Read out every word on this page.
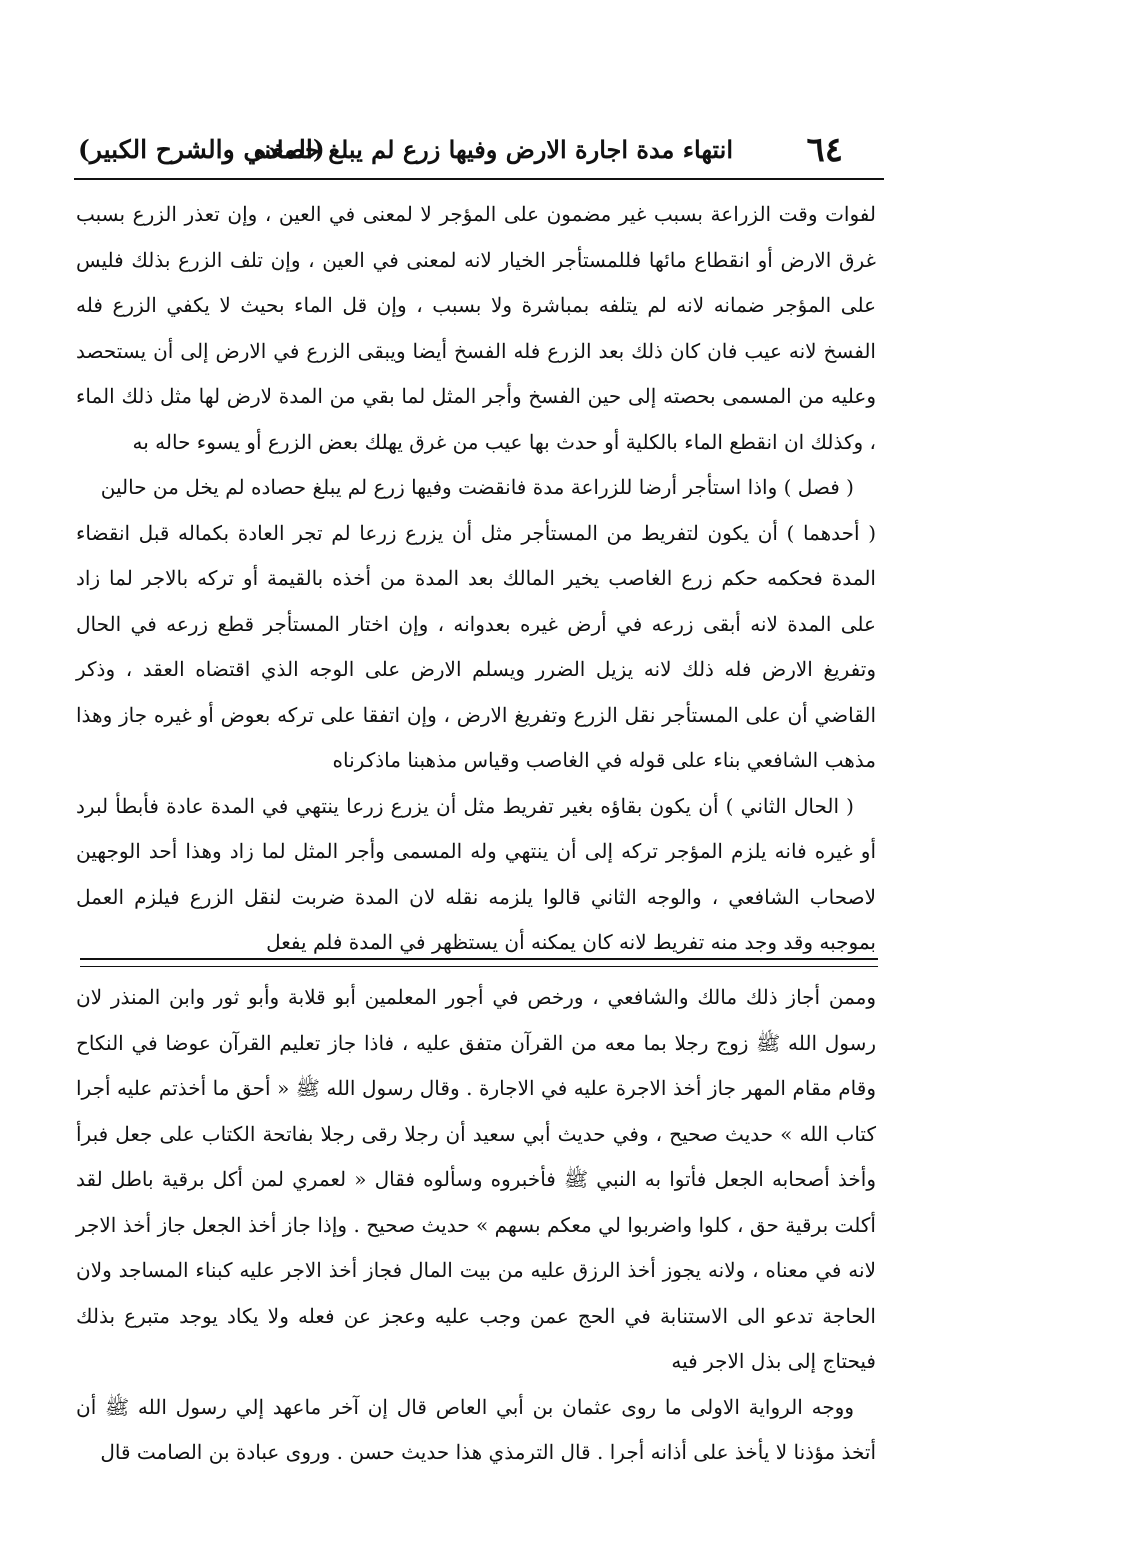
٦٤
انتهاء مدة اجارة الارض وفيها زرع لم يبلغ حصاده
(المغني والشرح الكبير)

لفوات وقت الزراعة بسبب غير مضمون على المؤجر لا لمعنى في العين ، وإن تعذر الزرع بسبب غرق الارض أو انقطاع مائها فللمستأجر الخيار لانه لمعنى في العين ، وإن تلف الزرع بذلك فليس على المؤجر ضمانه لانه لم يتلفه بمباشرة ولا بسبب ، وإن قل الماء بحيث لا يكفي الزرع فله الفسخ لانه عيب فان كان ذلك بعد الزرع فله الفسخ أيضا ويبقى الزرع في الارض إلى أن يستحصد وعليه من المسمى بحصته إلى حين الفسخ وأجر المثل لما بقي من المدة لارض لها مثل ذلك الماء ، وكذلك ان انقطع الماء بالكلية أو حدث بها عيب من غرق يهلك بعض الزرع أو يسوء حاله به

( فصل ) واذا استأجر أرضا للزراعة مدة فانقضت وفيها زرع لم يبلغ حصاده لم يخل من حالين

( أحدهما ) أن يكون لتفريط من المستأجر مثل أن يزرع زرعا لم تجر العادة بكماله قبل انقضاء المدة فحكمه حكم زرع الغاصب يخير المالك بعد المدة من أخذه بالقيمة أو تركه بالاجر لما زاد على المدة لانه أبقى زرعه في أرض غيره بعدوانه ، وإن اختار المستأجر قطع زرعه في الحال وتفريغ الارض فله ذلك لانه يزيل الضرر ويسلم الارض على الوجه الذي اقتضاه العقد ، وذكر القاضي أن على المستأجر نقل الزرع وتفريغ الارض ، وإن اتفقا على تركه بعوض أو غيره جاز وهذا مذهب الشافعي بناء على قوله في الغاصب وقياس مذهبنا ماذكرناه

( الحال الثاني ) أن يكون بقاؤه بغير تفريط مثل أن يزرع زرعا ينتهي في المدة عادة فأبطأ لبرد أو غيره فانه يلزم المؤجر تركه إلى أن ينتهي وله المسمى وأجر المثل لما زاد وهذا أحد الوجهين لاصحاب الشافعي ، والوجه الثاني قالوا يلزمه نقله لان المدة ضربت لنقل الزرع فيلزم العمل بموجبه وقد وجد منه تفريط لانه كان يمكنه أن يستظهر في المدة فلم يفعل

وممن أجاز ذلك مالك والشافعي ، ورخص في أجور المعلمين أبو قلابة وأبو ثور وابن المنذر لان رسول الله ﷺ زوج رجلا بما معه من القرآن متفق عليه ، فاذا جاز تعليم القرآن عوضا في النكاح وقام مقام المهر جاز أخذ الاجرة عليه في الاجارة . وقال رسول الله ﷺ « أحق ما أخذتم عليه أجرا كتاب الله » حديث صحيح ، وفي حديث أبي سعيد أن رجلا رقى رجلا بفاتحة الكتاب على جعل فبرأ وأخذ أصحابه الجعل فأتوا به النبي ﷺ فأخبروه وسألوه فقال « لعمري لمن أكل برقية باطل لقد أكلت برقية حق ، كلوا واضربوا لي معكم بسهم » حديث صحيح . وإذا جاز أخذ الجعل جاز أخذ الاجر لانه في معناه ، ولانه يجوز أخذ الرزق عليه من بيت المال فجاز أخذ الاجر عليه كبناء المساجد ولان الحاجة تدعو الى الاستنابة في الحج عمن وجب عليه وعجز عن فعله ولا يكاد يوجد متبرع بذلك فيحتاج إلى بذل الاجر فيه

ووجه الرواية الاولى ما روى عثمان بن أبي العاص قال إن آخر ماعهد إلي رسول الله ﷺ أن أتخذ مؤذنا لا يأخذ على أذانه أجرا . قال الترمذي هذا حديث حسن . وروى عبادة بن الصامت قال
